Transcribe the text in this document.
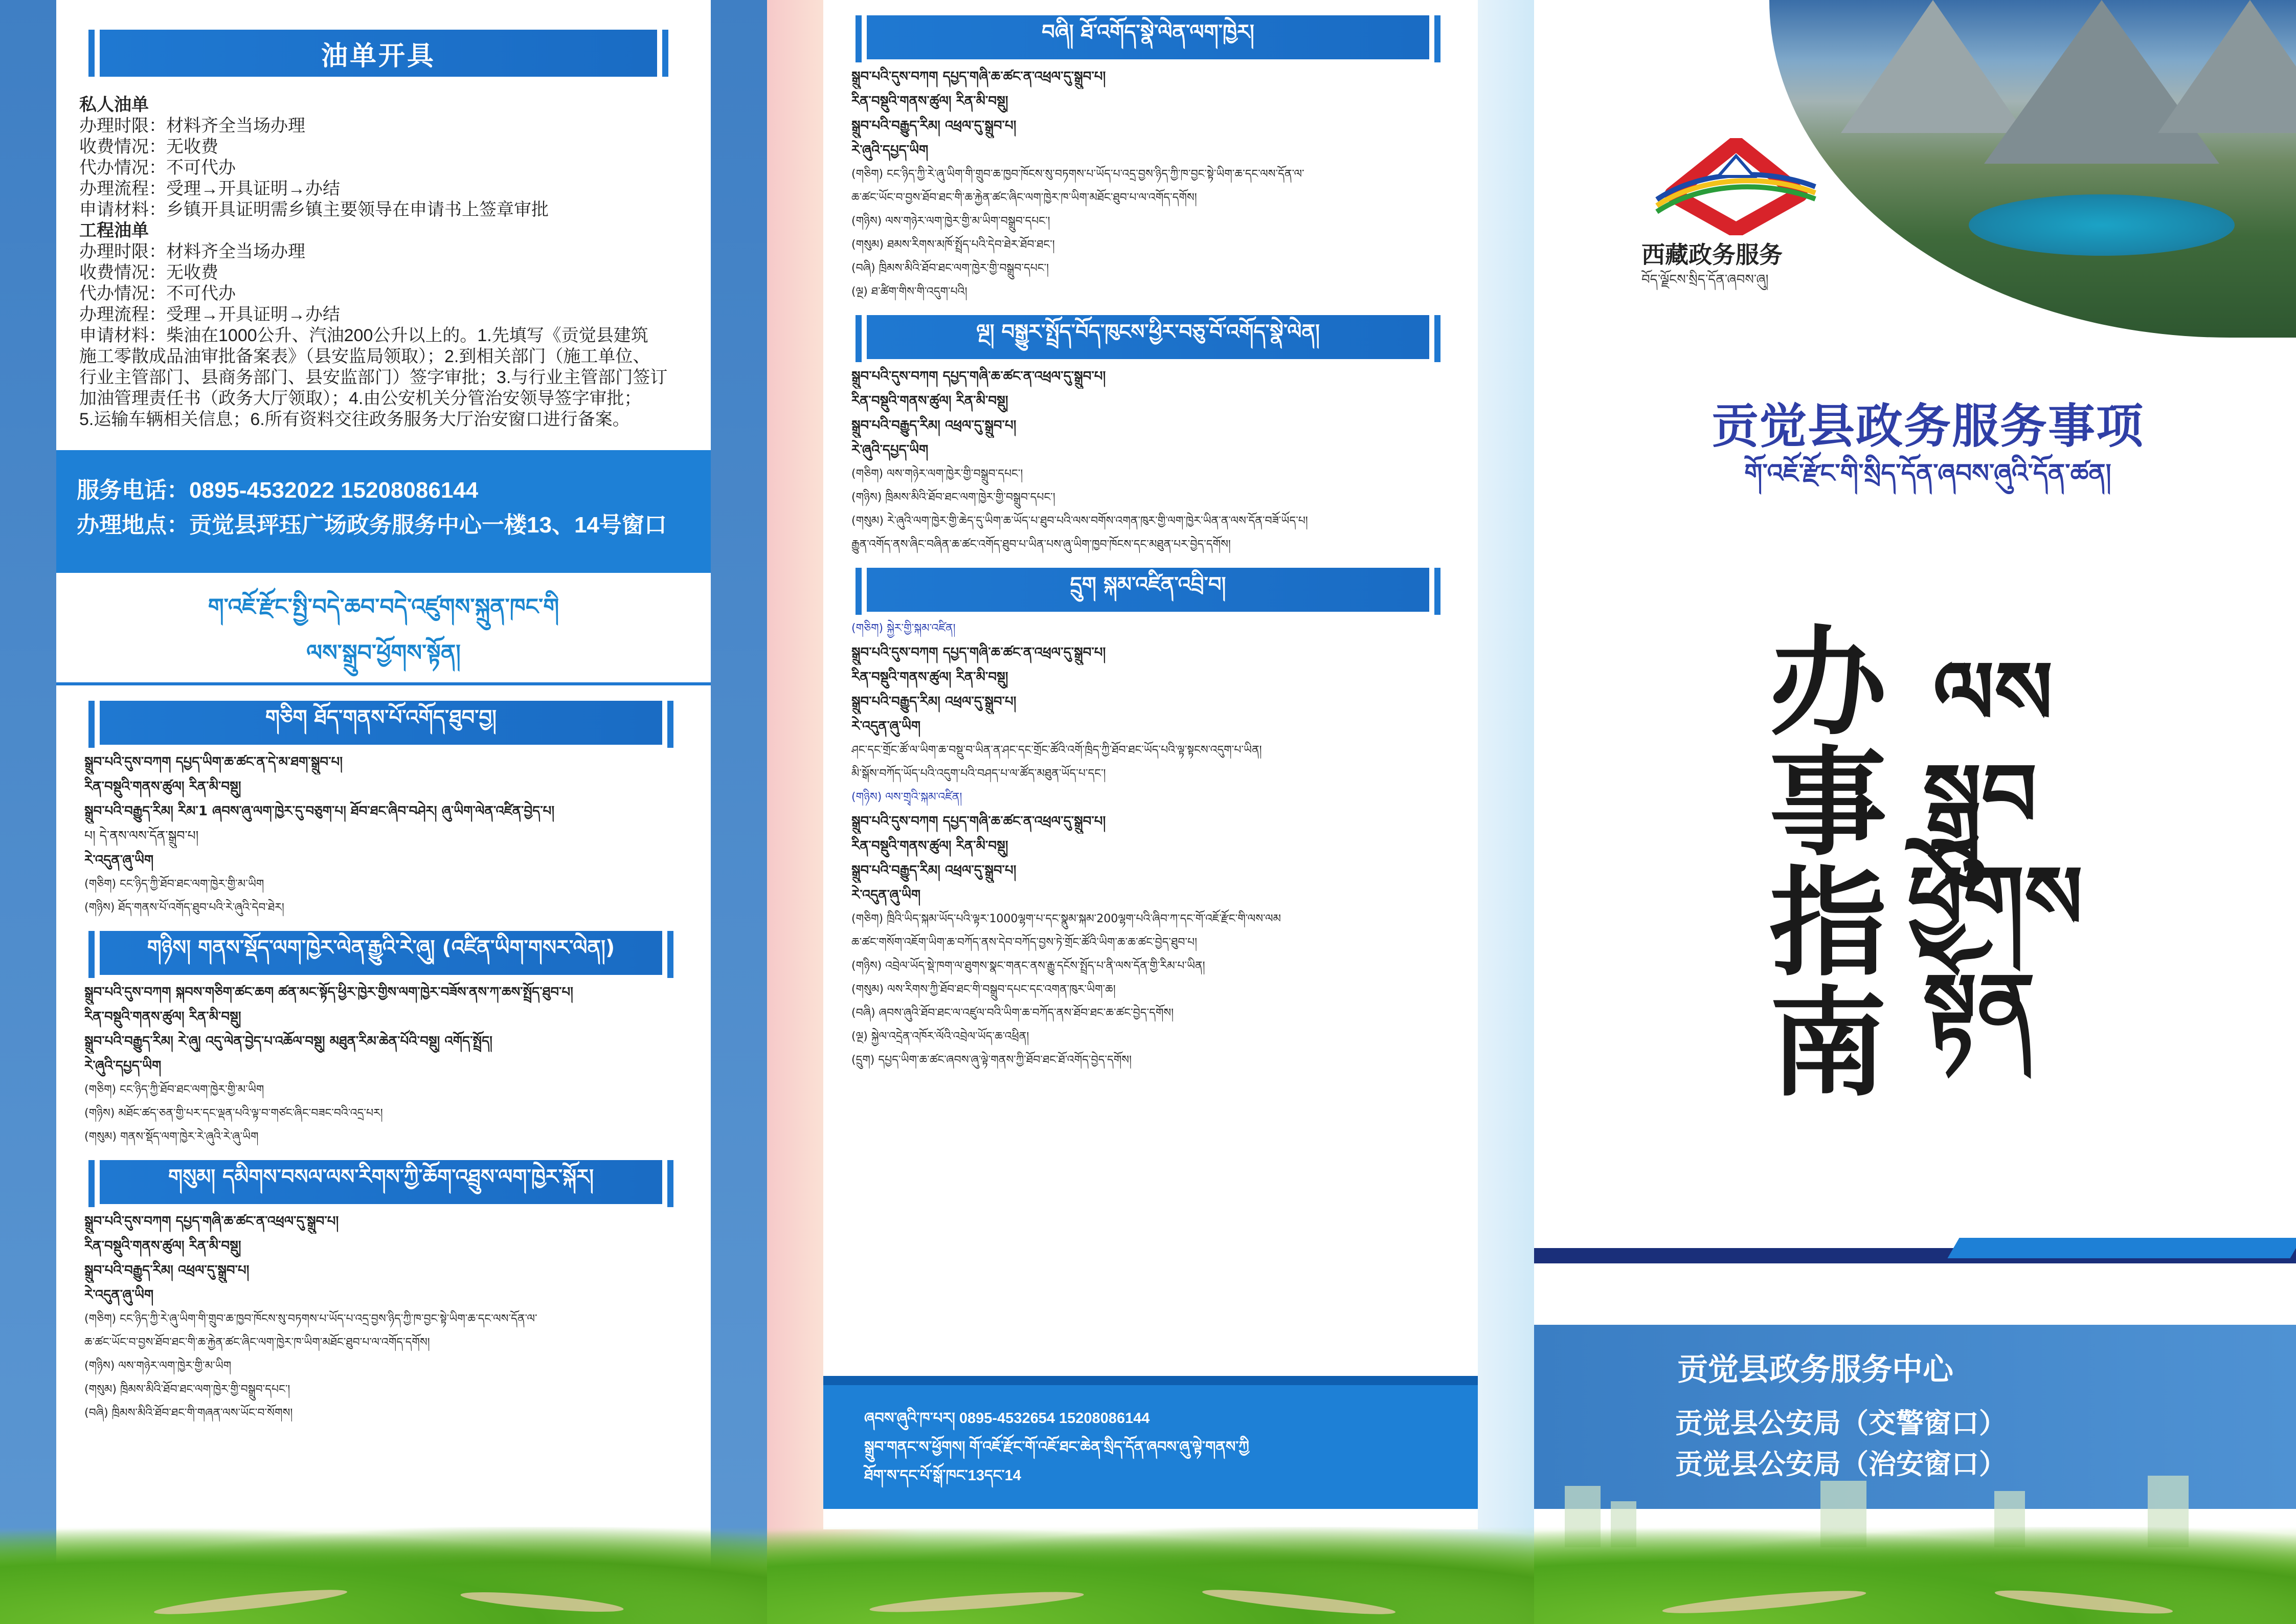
油单开具
私人油单
办理时限：材料齐全当场办理
收费情况：无收费
代办情况：不可代办
办理流程：受理→开具证明→办结
申请材料：乡镇开具证明需乡镇主要领导在申请书上签章审批
工程油单
办理时限：材料齐全当场办理
收费情况：无收费
代办情况：不可代办
办理流程：受理→开具证明→办结
申请材料：柴油在1000公升、汽油200公升以上的。1.先填写《贡觉县建筑
施工零散成品油审批备案表》（县安监局领取）；2.到相关部门（施工单位、
行业主管部门、县商务部门、县安监部门）签字审批；3.与行业主管部门签订
加油管理责任书（政务大厅领取）；4.由公安机关分管治安领导签字审批；
5.运输车辆相关信息；6.所有资料交往政务服务大厅治安窗口进行备案。
服务电话：0895-4532022 15208086144
办理地点：贡觉县玶珏广场政务服务中心一楼13、14号窗口
ག་འཇོ་རྫོང་སྤྱི་བདེ་ཆབ་བདེ་འཛུགས་སྐྲུན་ཁང་གི
ལས་སྒྲུབ་ཕྱོགས་སྟོན།
གཅིག ཐོད་གནས་པོ་འགོད་ཐུབ་བྱ།
སྒྲུབ་པའི་དུས་བཀག དཔྱད་ཡིག་ཆ་ཚང་ན་དེ་མ་ཐག་སྒྲུབ་པ།
རིན་བསྡུའི་གནས་ཚུལ། རིན་མི་བསྡུ།
སྒྲུབ་པའི་བརྒྱུད་རིམ། རིམ་1 ཞབས་ཞུ་ལག་ཁྱེར་དུ་བཅུག་པ། ཐོབ་ཐང་ཞིབ་བཤེར། ཞུ་ཡིག་ལེན་འཛིན་བྱེད་པ།
པ། དེ་ནས་ལས་དོན་སྒྲུབ་པ།
རེ་འདུན་ཞུ་ཡིག
(གཅིག) ངང་ཉིད་ཀྱི་ཐོབ་ཐང་ལག་ཁྱེར་གྱི་མ་ཡིག
(གཉིས) ཐོད་གནས་པོ་འགོད་ཐུབ་པའི་རེ་ཞུའི་དེབ་ཐེར།
གཉིས། གནས་སྡོད་ལག་ཁྱེར་ལེན་རྒྱུའི་རེ་ཞུ། (འཛིན་ཡིག་གསར་ལེན།)
སྒྲུབ་པའི་དུས་བཀག སྐབས་གཅིག་ཚང་ཆག ཚན་མང་སྟོད་ཕྱིར་ཁྱེར་གྱིས་ལག་ཁྱེར་བཟོས་ནས་ཀ་ཆས་སྤྲོད་ཐུབ་པ།
རིན་བསྡུའི་གནས་ཚུལ། རིན་མི་བསྡུ།
སྒྲུབ་པའི་བརྒྱུད་རིམ། རེ་ཞུ། འདུ་ལེན་བྱེད་པ་འཆོལ་བསྡུ། མཐུན་རིམ་ཆེན་པོའི་བསྡུ། འགོད་སྤྲོད།
རེ་ཞུའི་དཔྱད་ཡིག
(གཅིག) ངང་ཉིད་ཀྱི་ཐོབ་ཐང་ལག་ཁྱེར་གྱི་མ་ཡིག
(གཉིས) མཐོང་ཚད་ཅན་གྱི་པར་དང་ལྡན་པའི་ལྟ་བ་གཙང་ཞིང་བཟང་བའི་འདྲ་པར།
(གསུམ) གནས་སྡོད་ལག་ཁྱེར་རེ་ཞུའི་རེ་ཞུ་ཡིག
གསུམ། དམིགས་བསལ་ལས་རིགས་ཀྱི་ཆོག་འཐྲུས་ལག་ཁྱེར་སྐོར།
སྒྲུབ་པའི་དུས་བཀག དཔྱད་གཞི་ཆ་ཚང་ན་འཕྲལ་དུ་སྒྲུབ་པ།
རིན་བསྡུའི་གནས་ཚུལ། རིན་མི་བསྡུ།
སྒྲུབ་པའི་བརྒྱུད་རིམ། འཕྲལ་དུ་སྒྲུབ་པ།
རེ་འདུན་ཞུ་ཡིག
(གཅིག) ངང་ཉིད་ཀྱི་རེ་ཞུ་ཡིག་གི་གྲུབ་ཆ་ཁྱབ་ཁོངས་སུ་བཏགས་པ་ཡོད་པ་འདྲ་བྱས་ཉིད་ཀྱི་ཁ་བྱང་སྟེ་ཡིག་ཆ་དང་ལས་དོན་ལ་
ཆ་ཚང་ཡོང་བ་བྱས་ཐོབ་ཐང་གི་ཆ་རྐྱེན་ཚང་ཞིང་ལག་ཁྱེར་ཁ་ཡིག་མཐོང་ཐུབ་པ་ལ་འགོད་དགོས།
(གཉིས) ལས་གཉེར་ལག་ཁྱེར་གྱི་མ་ཡིག
(གསུམ) ཁྲིམས་མིའི་ཐོབ་ཐང་ལག་ཁྱེར་གྱི་བསྒྲུབ་དཔང་།
(བཞི) ཁྲིམས་མིའི་ཐོབ་ཐང་གི་གཞན་ལས་ཡོང་བ་སོགས།
བཞི། ཐོ་འགོད་སྣེ་ལེན་ལག་ཁྱེར།
སྒྲུབ་པའི་དུས་བཀག དཔྱད་གཞི་ཆ་ཚང་ན་འཕྲལ་དུ་སྒྲུབ་པ།
རིན་བསྡུའི་གནས་ཚུལ། རིན་མི་བསྡུ།
སྒྲུབ་པའི་བརྒྱུད་རིམ། འཕྲལ་དུ་སྒྲུབ་པ།
རེ་ཞུའི་དཔྱད་ཡིག
(གཅིག) ངང་ཉིད་ཀྱི་རེ་ཞུ་ཡིག་གི་གྲུབ་ཆ་ཁྱབ་ཁོངས་སུ་བཏགས་པ་ཡོད་པ་འདྲ་བྱས་ཉིད་ཀྱི་ཁ་བྱང་སྟེ་ཡིག་ཆ་དང་ལས་དོན་ལ་
ཆ་ཚང་ཡོང་བ་བྱས་ཐོབ་ཐང་གི་ཆ་རྐྱེན་ཚང་ཞིང་ལག་ཁྱེར་ཁ་ཡིག་མཐོང་ཐུབ་པ་ལ་འགོད་དགོས།
(གཉིས) ལས་གཉེར་ལག་ཁྱེར་གྱི་མ་ཡིག་བསྒྲུབ་དཔང་།
(གསུམ) ཐམས་རིགས་མཁོ་སྤྲོད་པའི་དེབ་ཐེར་ཐོབ་ཐང་།
(བཞི) ཁྲིམས་མིའི་ཐོབ་ཐང་ལག་ཁྱེར་གྱི་བསྒྲུབ་དཔང་།
(ལྔ) ཐ་ཚིག་གིས་གི་འདུག་པའི།
ལྔ། བསྒྱུར་སྤྲོད་བོད་ཁུངས་ཕྱིར་བཅུ་བོ་འགོད་སྣེ་ལེན།
སྒྲུབ་པའི་དུས་བཀག དཔྱད་གཞི་ཆ་ཚང་ན་འཕྲལ་དུ་སྒྲུབ་པ།
རིན་བསྡུའི་གནས་ཚུལ། རིན་མི་བསྡུ།
སྒྲུབ་པའི་བརྒྱུད་རིམ། འཕྲལ་དུ་སྒྲུབ་པ།
རེ་ཞུའི་དཔྱད་ཡིག
(གཅིག) ལས་གཉེར་ལག་ཁྱེར་གྱི་བསྒྲུབ་དཔང་།
(གཉིས) ཁྲིམས་མིའི་ཐོབ་ཐང་ལག་ཁྱེར་གྱི་བསྒྲུབ་དཔང་།
(གསུམ) རེ་ཞུའི་ལག་ཁྱེར་གྱི་ཆེད་དུ་ཡིག་ཆ་ཡོད་པ་ཐུབ་པའི་ལས་བགོས་འགན་ཁུར་གྱི་ལག་ཁྱེར་ཡིན་ན་ལས་དོན་བཟོ་ཡོད་པ།
རྒྱུན་འགོད་ནས་ཞིང་བཞིན་ཆ་ཚང་འགོད་ཐུབ་པ་ཡིན་པས་ཞུ་ཡིག་ཁྱབ་ཁོངས་དང་མཐུན་པར་བྱེད་དགོས།
དྲུག སྐམ་འཛིན་འབྲི་བ།
(གཅིག) སྐྱེར་གྱི་སྐམ་འཛིན།
སྒྲུབ་པའི་དུས་བཀག དཔྱད་གཞི་ཆ་ཚང་ན་འཕྲལ་དུ་སྒྲུབ་པ།
རིན་བསྡུའི་གནས་ཚུལ། རིན་མི་བསྡུ།
སྒྲུབ་པའི་བརྒྱུད་རིམ། འཕྲལ་དུ་སྒྲུབ་པ།
རེ་འདུན་ཞུ་ཡིག
ཤང་དང་གྲོང་ཚོ་ལ་ཡིག་ཆ་བསྡུ་བ་ཡིན་ན་ཤང་དང་གྲོང་ཚོའི་འགོ་ཁྲིད་ཀྱི་ཐོབ་ཐང་ཡོད་པའི་ལྟ་སྟངས་འདུག་པ་ཡིན།
མི་སྒོས་བཀོད་ཡོད་པའི་འདུག་པའི་བཤད་པ་ལ་ཚོད་མཐུན་ཡོད་པ་དང་།
(གཉིས) ལས་གྲྭའི་སྐམ་འཛིན།
སྒྲུབ་པའི་དུས་བཀག དཔྱད་གཞི་ཆ་ཚང་ན་འཕྲལ་དུ་སྒྲུབ་པ།
རིན་བསྡུའི་གནས་ཚུལ། རིན་མི་བསྡུ།
སྒྲུབ་པའི་བརྒྱུད་རིམ། འཕྲལ་དུ་སྒྲུབ་པ།
རེ་འདུན་ཞུ་ཡིག
(གཅིག) ཁྲིའི་ཡིད་སྐམ་ཡོད་པའི་ལྟར་1000ལྷག་པ་དང་སྣུམ་སྐམ་200ལྷག་པའི་ཞིབ་ཀ་དང་གོ་འཇོ་རྫོང་གི་ལས་ལམ
ཆ་ཚང་གསོག་འཇོག་ཡིག་ཆ་བཀོད་ནས་དེབ་བཀོད་བྱས་ཏེ་གྲོང་ཚོའི་ཡིག་ཆ་ཆ་ཚང་བྱེད་ཐུབ་པ།
(གཉིས) འབྲེལ་ཡོད་སྡེ་ཁག་ལ་ཐུགས་སྣང་གནང་ནས་རྒྱུ་དངོས་སྤྲོད་པ་ནི་ལས་དོན་གྱི་རིམ་པ་ཡིན།
(གསུམ) ལས་རིགས་ཀྱི་ཐོབ་ཐང་གི་བསྒྲུབ་དཔང་དང་འགན་ཁུར་ཡིག་ཆ།
(བཞི) ཞབས་ཞུའི་ཐོབ་ཐང་ལ་འཛུལ་བའི་ཡིག་ཆ་བཀོད་ནས་ཐོབ་ཐང་ཆ་ཚང་བྱེད་དགོས།
(ལྔ) སྐྱེལ་འདྲེན་འཁོར་ལོའི་འབྲེལ་ཡོད་ཆ་འཕྲིན།
(དྲུག) དཔྱད་ཡིག་ཆ་ཚང་ཞབས་ཞུ་ལྟེ་གནས་ཀྱི་ཐོབ་ཐང་ཐོ་འགོད་བྱེད་དགོས།
ཞབས་ཞུའི་ཁ་པར། 0895-4532654 15208086144
སྒྲུབ་གནང་ས་ཕྱོགས། གོ་འཇོ་རྫོང་གོ་འཇོ་ཐང་ཆེན་སྲིད་དོན་ཞབས་ཞུ་ལྟེ་གནས་ཀྱི
ཐོག་ས་དང་པོ་སྒོ་ཁང་13དང་14
西藏政务服务
བོད་ལྗོངས་སྲིད་དོན་ཞབས་ཞུ།
贡觉县政务服务事项
གོ་འཇོ་རྫོང་གི་སྲིད་དོན་ཞབས་ཞུའི་དོན་ཚན།
办
事
指
南
ལས
སྒྲུབ
ཕྱོགས
སྟོན
贡觉县政务服务中心
贡觉县公安局（交警窗口）
贡觉县公安局（治安窗口）
